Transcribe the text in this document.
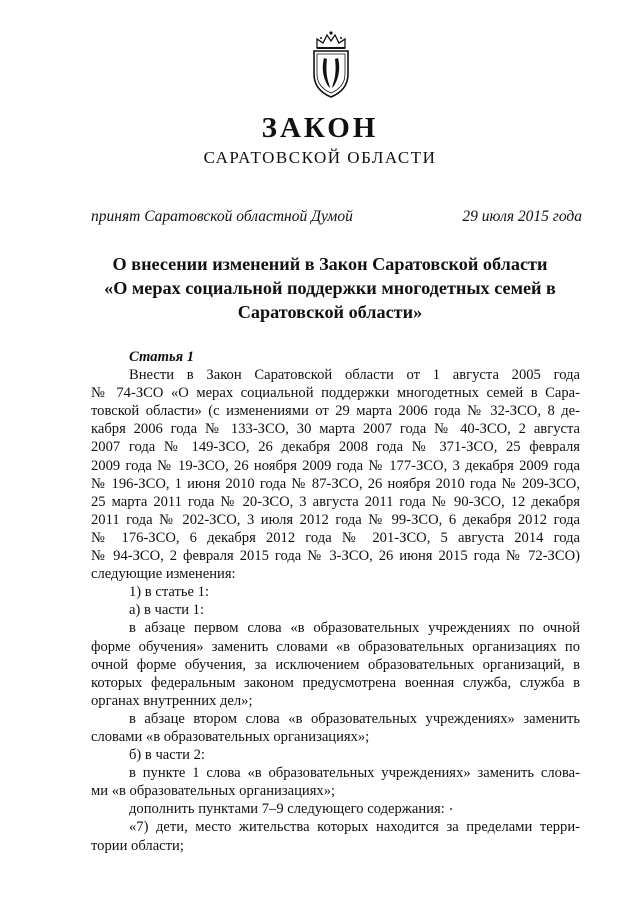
ЗАКОН
САРАТОВСКОЙ ОБЛАСТИ
принят Саратовской областной Думой	29 июля 2015 года
О внесении изменений в Закон Саратовской области
«О мерах социальной поддержки многодетных семей в
Саратовской области»
Статья 1
Внести в Закон Саратовской области от 1 августа 2005 года
№ 74-ЗСО «О мерах социальной поддержки многодетных семей в Сара-
товской области» (с изменениями от 29 марта 2006 года № 32-ЗСО, 8 де-
кабря 2006 года № 133-ЗСО, 30 марта 2007 года № 40-ЗСО, 2 августа
2007 года № 149-ЗСО, 26 декабря 2008 года № 371-ЗСО, 25 февраля
2009 года № 19-ЗСО, 26 ноября 2009 года № 177-ЗСО, 3 декабря 2009 года
№ 196-ЗСО, 1 июня 2010 года № 87-ЗСО, 26 ноября 2010 года № 209-ЗСО,
25 марта 2011 года № 20-ЗСО, 3 августа 2011 года № 90-ЗСО, 12 декабря
2011 года № 202-ЗСО, 3 июля 2012 года № 99-ЗСО, 6 декабря 2012 года
№ 176-ЗСО, 6 декабря 2012 года № 201-ЗСО, 5 августа 2014 года
№ 94-ЗСО, 2 февраля 2015 года № 3-ЗСО, 26 июня 2015 года № 72-ЗСО)
следующие изменения:
1) в статье 1:
а) в части 1:
в абзаце первом слова «в образовательных учреждениях по очной
форме обучения» заменить словами «в образовательных организациях по
очной форме обучения, за исключением образовательных организаций, в
которых федеральным законом предусмотрена военная служба, служба в
органах внутренних дел»;
в абзаце втором слова «в образовательных учреждениях» заменить
словами «в образовательных организациях»;
б) в части 2:
в пункте 1 слова «в образовательных учреждениях» заменить слова-
ми «в образовательных организациях»;
дополнить пунктами 7–9 следующего содержания:
«7) дети, место жительства которых находится за пределами терри-
тории области;
